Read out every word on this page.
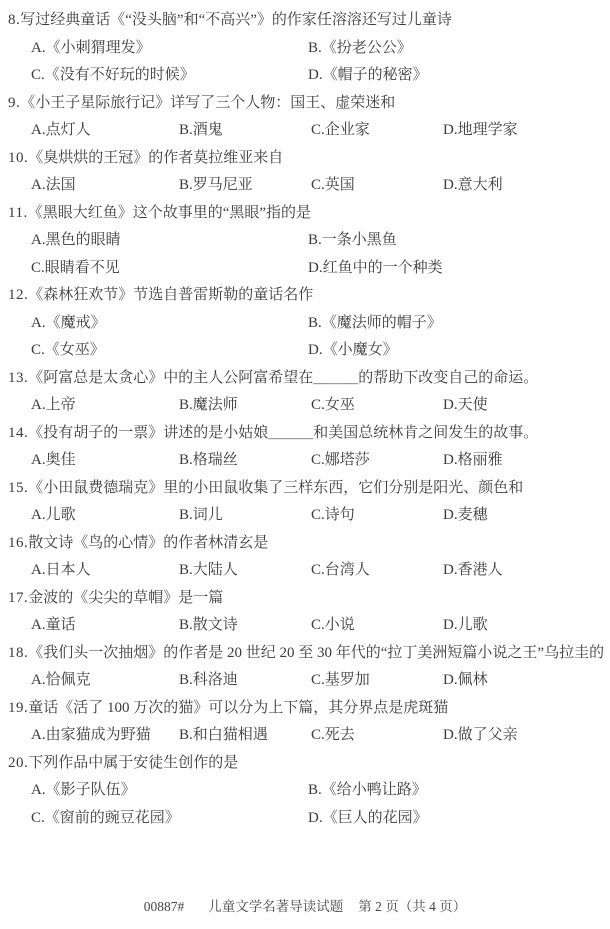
8.写过经典童话《“没头脑”和“不高兴”》的作家任溶溶还写过儿童诗
A.《小刺猬理发》	B.《扮老公公》
C.《没有不好玩的时候》	D.《帽子的秘密》
9.《小王子星际旅行记》详写了三个人物：国王、虚荣迷和
A.点灯人	B.酒鬼	C.企业家	D.地理学家
10.《臭烘烘的王冠》的作者莫拉维亚来自
A.法国	B.罗马尼亚	C.英国	D.意大利
11.《黑眼大红鱼》这个故事里的“黑眼”指的是
A.黑色的眼睛	B.一条小黑鱼
C.眼睛看不见	D.红鱼中的一个种类
12.《森林狂欢节》节选自普雷斯勒的童话名作
A.《魔戒》	B.《魔法师的帽子》
C.《女巫》	D.《小魔女》
13.《阿富总是太贪心》中的主人公阿富希望在＿＿＿的帮助下改变自己的命运。
A.上帝	B.魔法师	C.女巫	D.天使
14.《投有胡子的一票》讲述的是小姑娘＿＿＿和美国总统林肯之间发生的故事。
A.奥佳	B.格瑞丝	C.娜塔莎	D.格丽雅
15.《小田鼠费德瑞克》里的小田鼠收集了三样东西，它们分别是阳光、颜色和
A.儿歌	B.词儿	C.诗句	D.麦穗
16.散文诗《鸟的心情》的作者林清玄是
A.日本人	B.大陆人	C.台湾人	D.香港人
17.金波的《尖尖的草帽》是一篇
A.童话	B.散文诗	C.小说	D.儿歌
18.《我们头一次抽烟》的作者是 20 世纪 20 至 30 年代的“拉丁美洲短篇小说之王”乌拉圭的
A.恰佩克	B.科洛迪	C.基罗加	D.佩林
19.童话《活了 100 万次的猫》可以分为上下篇，其分界点是虎斑猫
A.由家猫成为野猫	B.和白猫相遇	C.死去	D.做了父亲
20.下列作品中属于安徒生创作的是
A.《影子队伍》	B.《给小鸭让路》
C.《窗前的豌豆花园》	D.《巨人的花园》
00887# 儿童文学名著导读试题 第 2 页（共 4 页）
